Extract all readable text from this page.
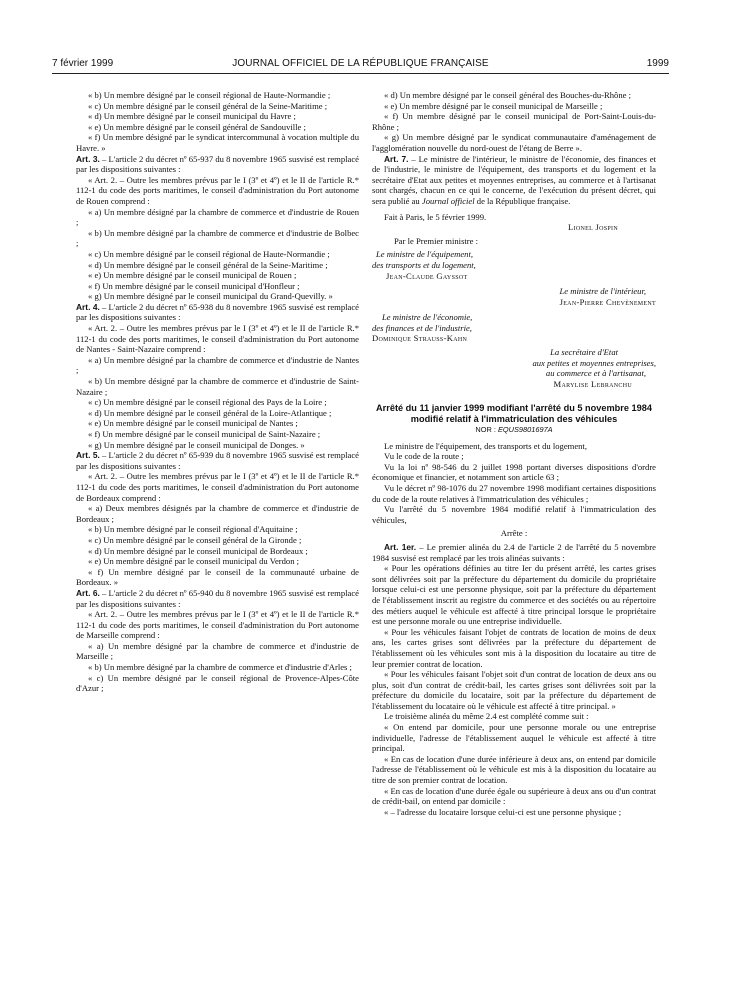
7 février 1999	JOURNAL OFFICIEL DE LA RÉPUBLIQUE FRANÇAISE	1999

« b) Un membre désigné par le conseil régional de Haute-Normandie ;

« c) Un membre désigné par le conseil général de la Seine-Maritime ;

« d) Un membre désigné par le conseil municipal du Havre ;

« e) Un membre désigné par le conseil général de Sandouville ;

« f) Un membre désigné par le syndicat intercommunal à vocation multiple du Havre. »

Art. 3. – L'article 2 du décret nº 65-937 du 8 novembre 1965 susvisé est remplacé par les dispositions suivantes :

« Art. 2. – Outre les membres prévus par le I (3º et 4º) et le II de l'article R.* 112-1 du code des ports maritimes, le conseil d'administration du Port autonome de Rouen comprend :

« a) Un membre désigné par la chambre de commerce et d'industrie de Rouen ;

« b) Un membre désigné par la chambre de commerce et d'industrie de Bolbec ;

« c) Un membre désigné par le conseil régional de Haute-Normandie ;

« d) Un membre désigné par le conseil général de la Seine-Maritime ;

« e) Un membre désigné par le conseil municipal de Rouen ;

« f) Un membre désigné par le conseil municipal d'Honfleur ;

« g) Un membre désigné par le conseil municipal du Grand-Quevilly. »

Art. 4. – L'article 2 du décret nº 65-938 du 8 novembre 1965 susvisé est remplacé par les dispositions suivantes :

« Art. 2. – Outre les membres prévus par le I (3º et 4º) et le II de l'article R.* 112-1 du code des ports maritimes, le conseil d'administration du Port autonome de Nantes - Saint-Nazaire comprend :

« a) Un membre désigné par la chambre de commerce et d'industrie de Nantes ;

« b) Un membre désigné par la chambre de commerce et d'industrie de Saint-Nazaire ;

« c) Un membre désigné par le conseil régional des Pays de la Loire ;

« d) Un membre désigné par le conseil général de la Loire-Atlantique ;

« e) Un membre désigné par le conseil municipal de Nantes ;

« f) Un membre désigné par le conseil municipal de Saint-Nazaire ;

« g) Un membre désigné par le conseil municipal de Donges. »

Art. 5. – L'article 2 du décret nº 65-939 du 8 novembre 1965 susvisé est remplacé par les dispositions suivantes :

« Art. 2. – Outre les membres prévus par le I (3º et 4º) et le II de l'article R.* 112-1 du code des ports maritimes, le conseil d'administration du Port autonome de Bordeaux comprend :

« a) Deux membres désignés par la chambre de commerce et d'industrie de Bordeaux ;

« b) Un membre désigné par le conseil régional d'Aquitaine ;

« c) Un membre désigné par le conseil général de la Gironde ;

« d) Un membre désigné par le conseil municipal de Bordeaux ;

« e) Un membre désigné par le conseil municipal du Verdon ;

« f) Un membre désigné par le conseil de la communauté urbaine de Bordeaux. »

Art. 6. – L'article 2 du décret nº 65-940 du 8 novembre 1965 susvisé est remplacé par les dispositions suivantes :

« Art. 2. – Outre les membres prévus par le I (3º et 4º) et le II de l'article R.* 112-1 du code des ports maritimes, le conseil d'administration du Port autonome de Marseille comprend :

« a) Un membre désigné par la chambre de commerce et d'industrie de Marseille ;

« b) Un membre désigné par la chambre de commerce et d'industrie d'Arles ;

« c) Un membre désigné par le conseil régional de Provence-Alpes-Côte d'Azur ;

« d) Un membre désigné par le conseil général des Bouches-du-Rhône ;

« e) Un membre désigné par le conseil municipal de Marseille ;

« f) Un membre désigné par le conseil municipal de Port-Saint-Louis-du-Rhône ;

« g) Un membre désigné par le syndicat communautaire d'aménagement de l'agglomération nouvelle du nord-ouest de l'étang de Berre ».

Art. 7. – Le ministre de l'intérieur, le ministre de l'économie, des finances et de l'industrie, le ministre de l'équipement, des transports et du logement et la secrétaire d'Etat aux petites et moyennes entreprises, au commerce et à l'artisanat sont chargés, chacun en ce qui le concerne, de l'exécution du présent décret, qui sera publié au Journal officiel de la République française.

Fait à Paris, le 5 février 1999.

Lionel Jospin

Par le Premier ministre :

Le ministre de l'équipement,

des transports et du logement,

Jean-Claude Gayssot

Le ministre de l'intérieur,

Jean-Pierre Chevènement

Le ministre de l'économie,

des finances et de l'industrie,

Dominique Strauss-Kahn

La secrétaire d'Etat

aux petites et moyennes entreprises,

au commerce et à l'artisanat,

Marylise Lebranchu

Arrêté du 11 janvier 1999 modifiant l'arrêté du 5 novembre 1984 modifié relatif à l'immatriculation des véhicules

NOR : EQUS9801697A

Le ministre de l'équipement, des transports et du logement,

Vu le code de la route ;

Vu la loi nº 98-546 du 2 juillet 1998 portant diverses dispositions d'ordre économique et financier, et notamment son article 63 ;

Vu le décret nº 98-1076 du 27 novembre 1998 modifiant certaines dispositions du code de la route relatives à l'immatriculation des véhicules ;

Vu l'arrêté du 5 novembre 1984 modifié relatif à l'immatriculation des véhicules,

Arrête :

Art. 1er. – Le premier alinéa du 2.4 de l'article 2 de l'arrêté du 5 novembre 1984 susvisé est remplacé par les trois alinéas suivants :

« Pour les opérations définies au titre Ier du présent arrêté, les cartes grises sont délivrées soit par la préfecture du département du domicile du propriétaire lorsque celui-ci est une personne physique, soit par la préfecture du département de l'établissement inscrit au registre du commerce et des sociétés ou au répertoire des métiers auquel le véhicule est affecté à titre principal lorsque le propriétaire est une personne morale ou une entreprise individuelle.

« Pour les véhicules faisant l'objet de contrats de location de moins de deux ans, les cartes grises sont délivrées par la préfecture du département de l'établissement où les véhicules sont mis à la disposition du locataire au titre de leur premier contrat de location.

« Pour les véhicules faisant l'objet soit d'un contrat de location de deux ans ou plus, soit d'un contrat de crédit-bail, les cartes grises sont délivrées soit par la préfecture du domicile du locataire, soit par la préfecture du département de l'établissement du locataire où le véhicule est affecté à titre principal. »

Le troisième alinéa du même 2.4 est complété comme suit :

« On entend par domicile, pour une personne morale ou une entreprise individuelle, l'adresse de l'établissement auquel le véhicule est affecté à titre principal.

« En cas de location d'une durée inférieure à deux ans, on entend par domicile l'adresse de l'établissement où le véhicule est mis à la disposition du locataire au titre de son premier contrat de location.

« En cas de location d'une durée égale ou supérieure à deux ans ou d'un contrat de crédit-bail, on entend par domicile :

« – l'adresse du locataire lorsque celui-ci est une personne physique ;
